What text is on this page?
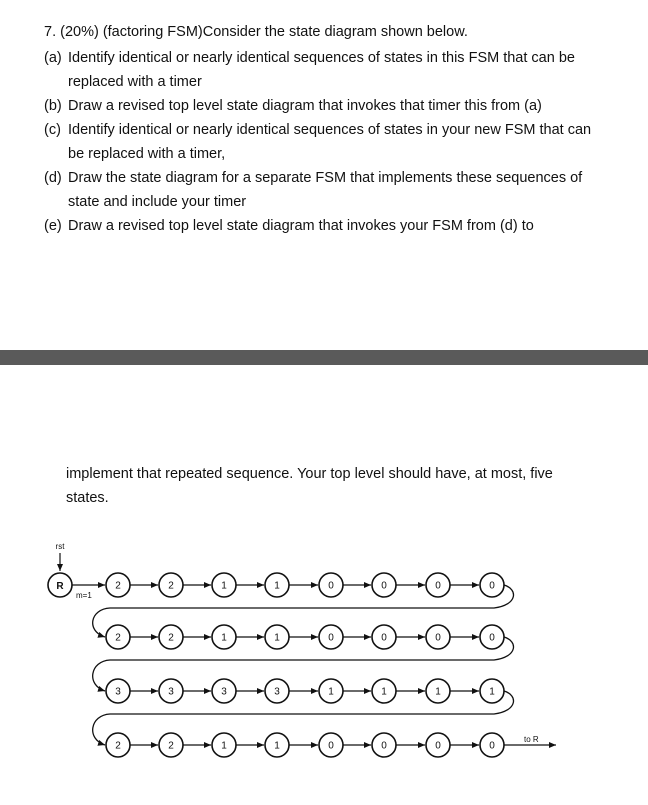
7. (20%) (factoring FSM)Consider the state diagram shown below.
(a) Identify identical or nearly identical sequences of states in this FSM that can be
replaced with a timer
(b) Draw a revised top level state diagram that invokes that timer this from (a)
(c) Identify identical or nearly identical sequences of states in your new FSM that can
be replaced with a timer,
(d) Draw the state diagram for a separate FSM that implements these sequences of
state and include your timer
(e) Draw a revised top level state diagram that invokes your FSM from (d) to
implement that repeated sequence. Your top level should have, at most, five
states.
rst
R
m=1
2	2	1	1	0	0	0	0
2	2	1	1	0	0	0	0
3	3	3	3	1	1	1	1
2	2	1	1	0	0	0	0
to R
